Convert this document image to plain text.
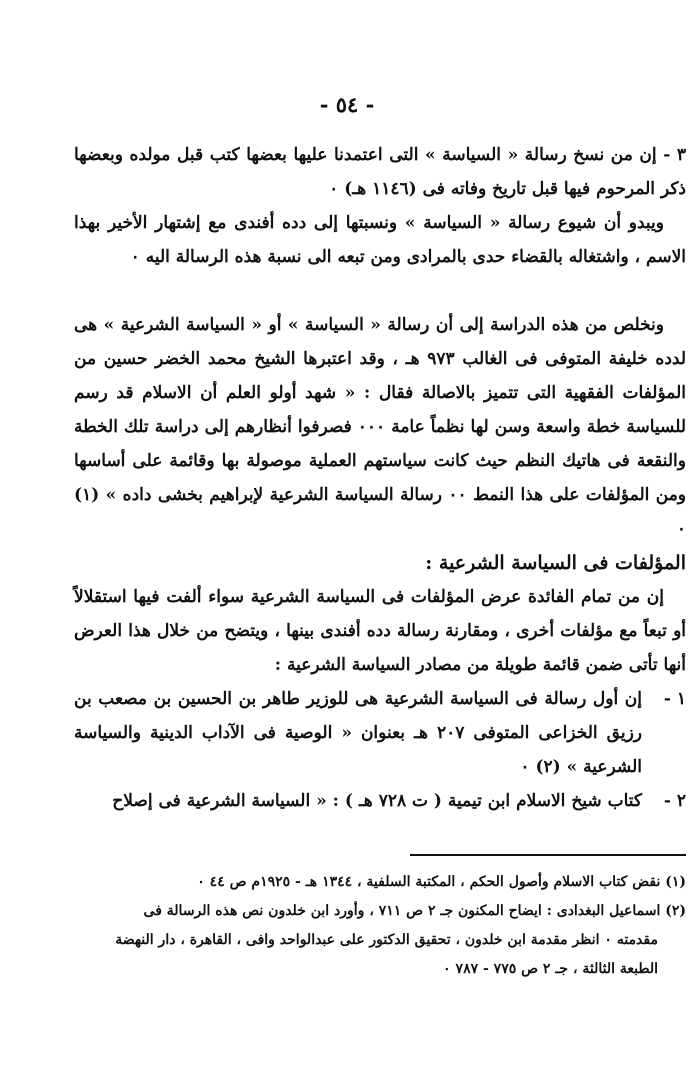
- ٥٤ -

٣ - إن من نسخ رسالة « السياسة » التى اعتمدنا عليها بعضها كتب قبل مولده وبعضها ذكر المرحوم فيها قبل تاريخ وفاته فى (١١٤٦ هـ) ٠

ويبدو أن شيوع رسالة « السياسة » ونسبتها إلى دده أفندى مع إشتهار الأخير بهذا الاسم ، واشتغاله بالقضاء حدى بالمرادى ومن تبعه الى نسبة هذه الرسالة اليه ٠

ونخلص من هذه الدراسة إلى أن رسالة « السياسة » أو « السياسة الشرعية » هى لدده خليفة المتوفى فى الغالب ٩٧٣ هـ ، وقد اعتبرها الشيخ محمد الخضر حسين من المؤلفات الفقهية التى تتميز بالاصالة فقال : « شهد أولو العلم أن الاسلام قد رسم للسياسة خطة واسعة وسن لها نظماً عامة ٠٠٠ فصرفوا أنظارهم إلى دراسة تلك الخطة والنقعة فى هاتيك النظم حيث كانت سياستهم العملية موصولة بها وقائمة على أساسها ومن المؤلفات على هذا النمط ٠٠ رسالة السياسة الشرعية لإبراهيم بخشى داده » (١) ٠

المؤلفات فى السياسة الشرعية :

إن من تمام الفائدة عرض المؤلفات فى السياسة الشرعية سواء ألفت فيها استقلالاً أو تبعاً مع مؤلفات أخرى ، ومقارنة رسالة دده أفندى بينها ، ويتضح من خلال هذا العرض أنها تأتى ضمن قائمة طويلة من مصادر السياسة الشرعية :

١ -
إن أول رسالة فى السياسة الشرعية هى للوزير طاهر بن الحسين بن مصعب بن رزيق الخزاعى المتوفى ٢٠٧ هـ بعنوان « الوصية فى الآداب الدينية والسياسة الشرعية » (٢) ٠
٢ -
كتاب شيخ الاسلام ابن تيمية ( ت ٧٢٨ هـ ) : « السياسة الشرعية فى إصلاح

(١) نقض كتاب الاسلام وأصول الحكم ، المكتبة السلفية ، ١٣٤٤ هـ - ١٩٢٥م ص ٤٤ ٠

(٢) اسماعيل البغدادى : ايضاح المكنون جـ ٢ ص ٧١١ ، وأورد ابن خلدون نص هذه الرسالة فى

مقدمته ٠ انظر مقدمة ابن خلدون ، تحقيق الدكتور على عبدالواحد وافى ، القاهرة ، دار النهضة

الطبعة الثالثة ، جـ ٢ ص ٧٧٥ - ٧٨٧ ٠
